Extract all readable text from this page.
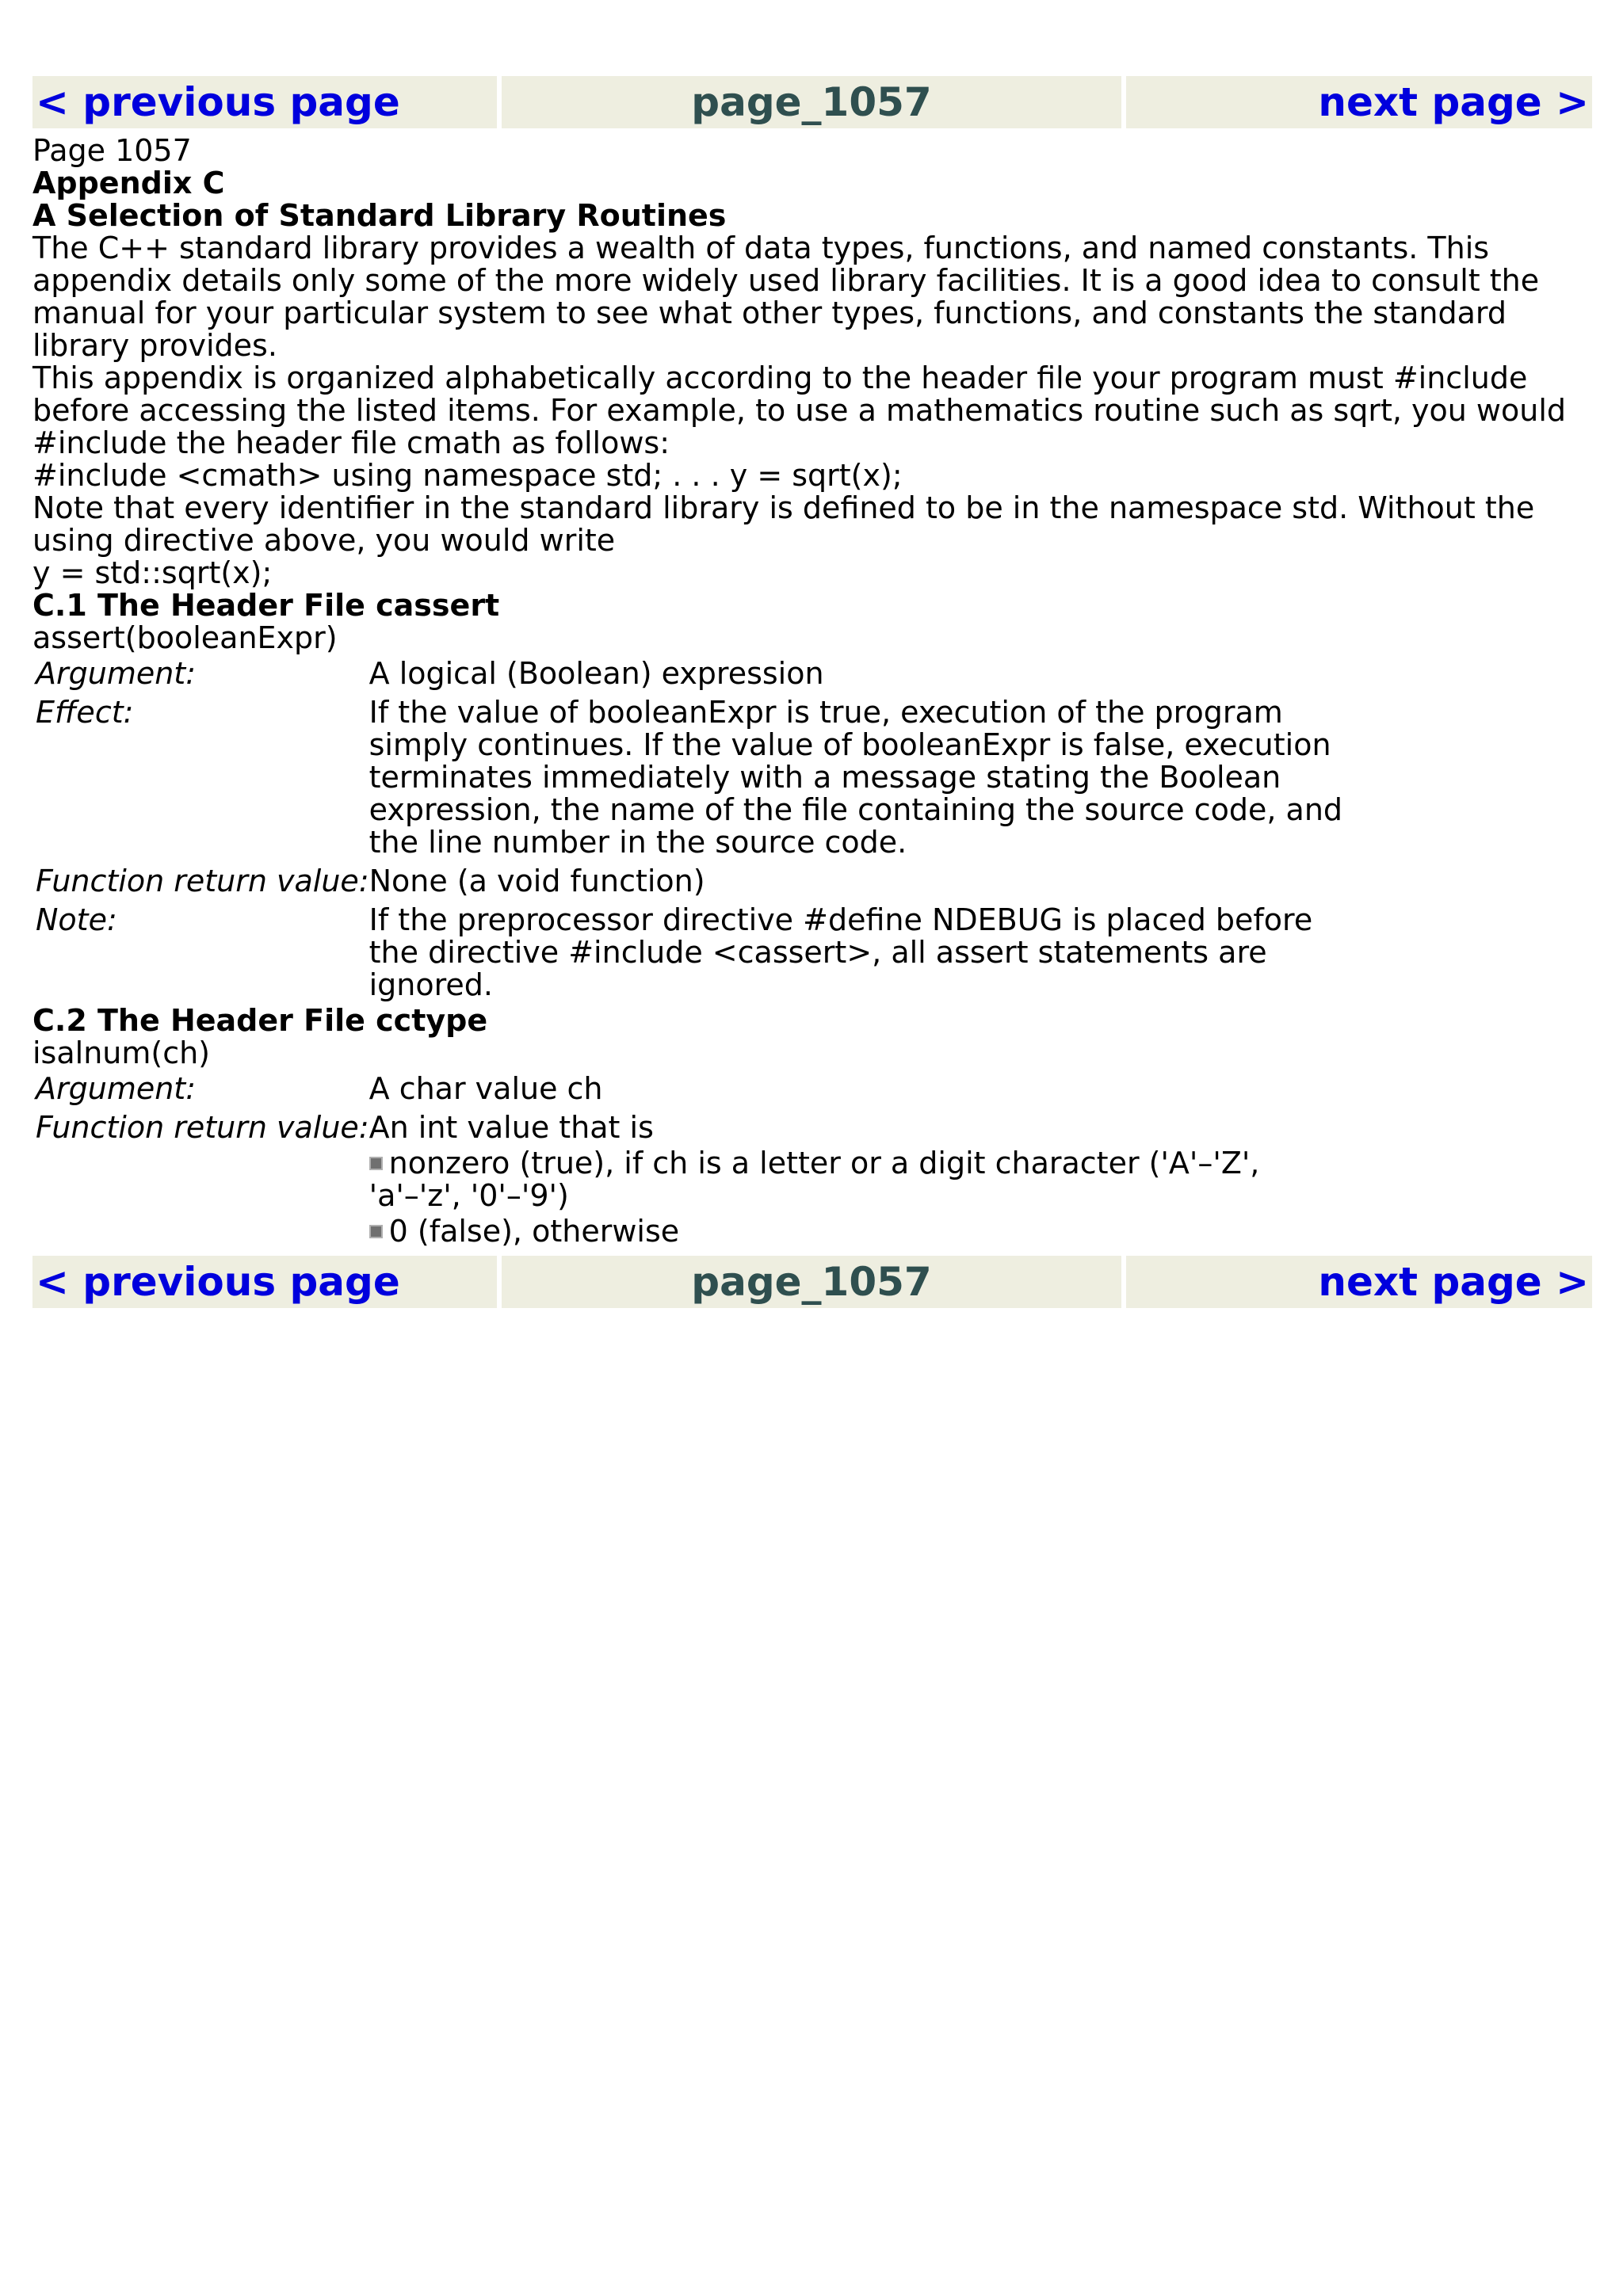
< previous page	page_1057	next page >
Page 1057
Appendix C
A Selection of Standard Library Routines
The C++ standard library provides a wealth of data types, functions, and named constants. This appendix details only some of the more widely used library facilities. It is a good idea to consult the manual for your particular system to see what other types, functions, and constants the standard library provides.
This appendix is organized alphabetically according to the header file your program must #include before accessing the listed items. For example, to use a mathematics routine such as sqrt, you would #include the header file cmath as follows:
#include <cmath> using namespace std; . . . y = sqrt(x);
Note that every identifier in the standard library is defined to be in the namespace std. Without the using directive above, you would write
y = std::sqrt(x);
C.1 The Header File cassert
assert(booleanExpr)
Argument:	A logical (Boolean) expression
Effect:	If the value of booleanExpr is true, execution of the program simply continues. If the value of booleanExpr is false, execution terminates immediately with a message stating the Boolean expression, the name of the file containing the source code, and the line number in the source code.
Function return value:	None (a void function)
Note:	If the preprocessor directive #define NDEBUG is placed before the directive #include <cassert>, all assert statements are ignored.
C.2 The Header File cctype
isalnum(ch)
Argument:	A char value ch
Function return value:	An int value that is
nonzero (true), if ch is a letter or a digit character ('A'–'Z', 'a'–'z', '0'–'9')
0 (false), otherwise
< previous page	page_1057	next page >
